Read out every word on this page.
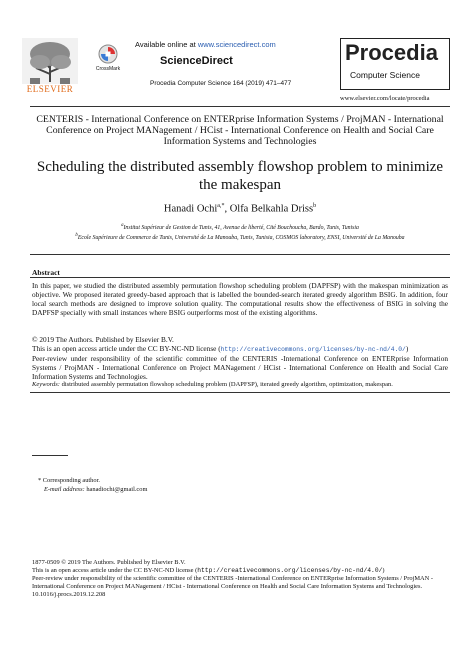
ELSEVIER
CrossMark
Available online at www.sciencedirect.com
ScienceDirect
Procedia Computer Science 164 (2019) 471–477
Procedia
Computer Science
www.elsevier.com/locate/procedia
CENTERIS - International Conference on ENTERprise Information Systems / ProjMAN - International Conference on Project MANagement / HCist - International Conference on Health and Social Care Information Systems and Technologies
Scheduling the distributed assembly flowshop problem to minimize the makespan
Hanadi Ochi$^{a,*}$, Olfa Belkahla Driss$^b$
$^a$Institut Supérieur de Gestion de Tunis, 41, Avenue de liberté, Cité Bouchoucha, Bardo, Tunis, Tunisia
$^b$Ecole Supérieure de Commerce de Tunis, Université de La Manouba, Tunis, Tunisia, COSMOS laboratory, ENSI, Université de La Manouba
Abstract
In this paper, we studied the distributed assembly permutation flowshop scheduling problem (DAPFSP) with the makespan minimization as objective. We proposed iterated greedy-based approach that is labelled the bounded-search iterated greedy algorithm BSIG. In addition, four local search methods are designed to improve solution quality. The computational results show the effectiveness of BSIG in solving the DAPFSP specially with small instances where BSIG outperforms most of the existing algorithms.
© 2019 The Authors. Published by Elsevier B.V.
This is an open access article under the CC BY-NC-ND license (http://creativecommons.org/licenses/by-nc-nd/4.0/)
Peer-review under responsibility of the scientific committee of the CENTERIS -International Conference on ENTERprise Information Systems / ProjMAN - International Conference on Project MANagement / HCist - International Conference on Health and Social Care Information Systems and Technologies.
Keywords: distributed assembly permutation flowshop scheduling problem (DAPFSP), iterated greedy algorithm, optimization, makespan.
* Corresponding author.
E-mail address: hanadiochi@gmail.com
1877-0509 © 2019 The Authors. Published by Elsevier B.V.
This is an open access article under the CC BY-NC-ND license (http://creativecommons.org/licenses/by-nc-nd/4.0/)
Peer-review under responsibility of the scientific committee of the CENTERIS -International Conference on ENTERprise Information Systems / ProjMAN - International Conference on Project MANagement / HCist - International Conference on Health and Social Care Information Systems and Technologies.
10.1016/j.procs.2019.12.208
